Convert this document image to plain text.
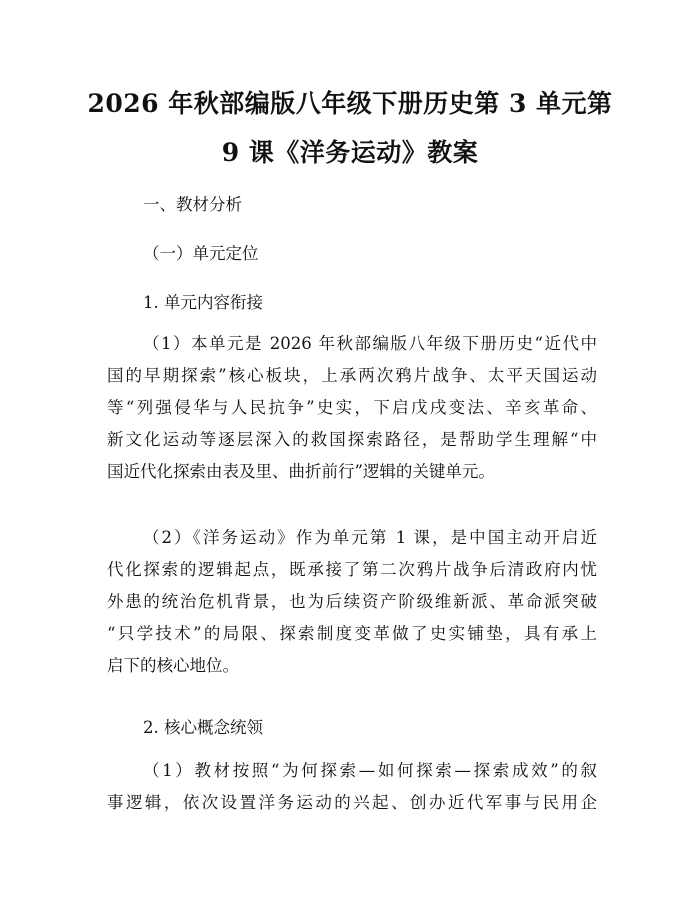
2026 年秋部编版八年级下册历史第 3 单元第
9 课《洋务运动》教案
一、教材分析
（一）单元定位
1. 单元内容衔接
（1）本单元是 2026 年秋部编版八年级下册历史“近代中
国的早期探索”核心板块，上承两次鸦片战争、太平天国运动
等“列强侵华与人民抗争”史实，下启戊戌变法、辛亥革命、
新文化运动等逐层深入的救国探索路径，是帮助学生理解“中
国近代化探索由表及里、曲折前行”逻辑的关键单元。
（2）《洋务运动》作为单元第 1 课，是中国主动开启近
代化探索的逻辑起点，既承接了第二次鸦片战争后清政府内忧
外患的统治危机背景，也为后续资产阶级维新派、革命派突破
“只学技术”的局限、探索制度变革做了史实铺垫，具有承上
启下的核心地位。
2. 核心概念统领
（1）教材按照“为何探索—如何探索—探索成效”的叙
事逻辑，依次设置洋务运动的兴起、创办近代军事与民用企
